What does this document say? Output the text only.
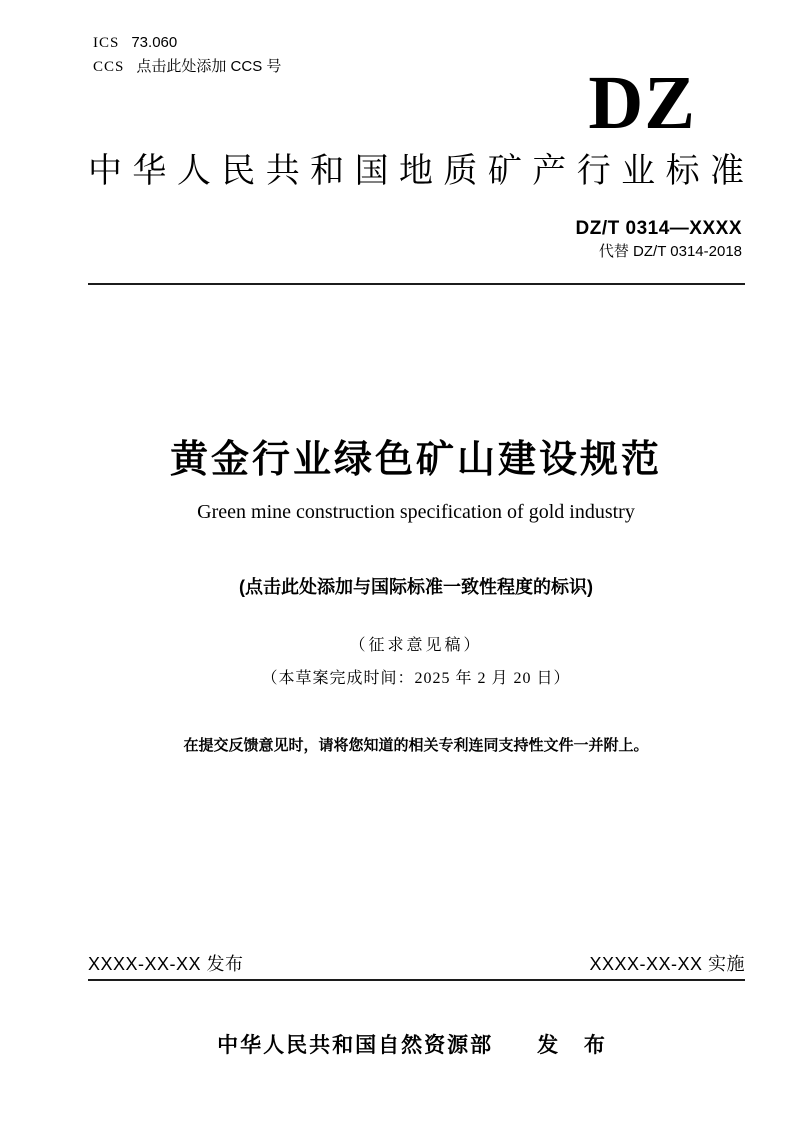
ICS 73.060
CCS 点击此处添加 CCS 号	DZ
中华人民共和国地质矿产行业标准
DZ/T 0314—XXXX
代替 DZ/T 0314-2018
黄金行业绿色矿山建设规范
Green mine construction specification of gold industry
(点击此处添加与国际标准一致性程度的标识)
（征求意见稿）
（本草案完成时间：2025 年 2 月 20 日）
在提交反馈意见时，请将您知道的相关专利连同支持性文件一并附上。
XXXX-XX-XX 发布	XXXX-XX-XX 实施
中华人民共和国自然资源部 发 布
